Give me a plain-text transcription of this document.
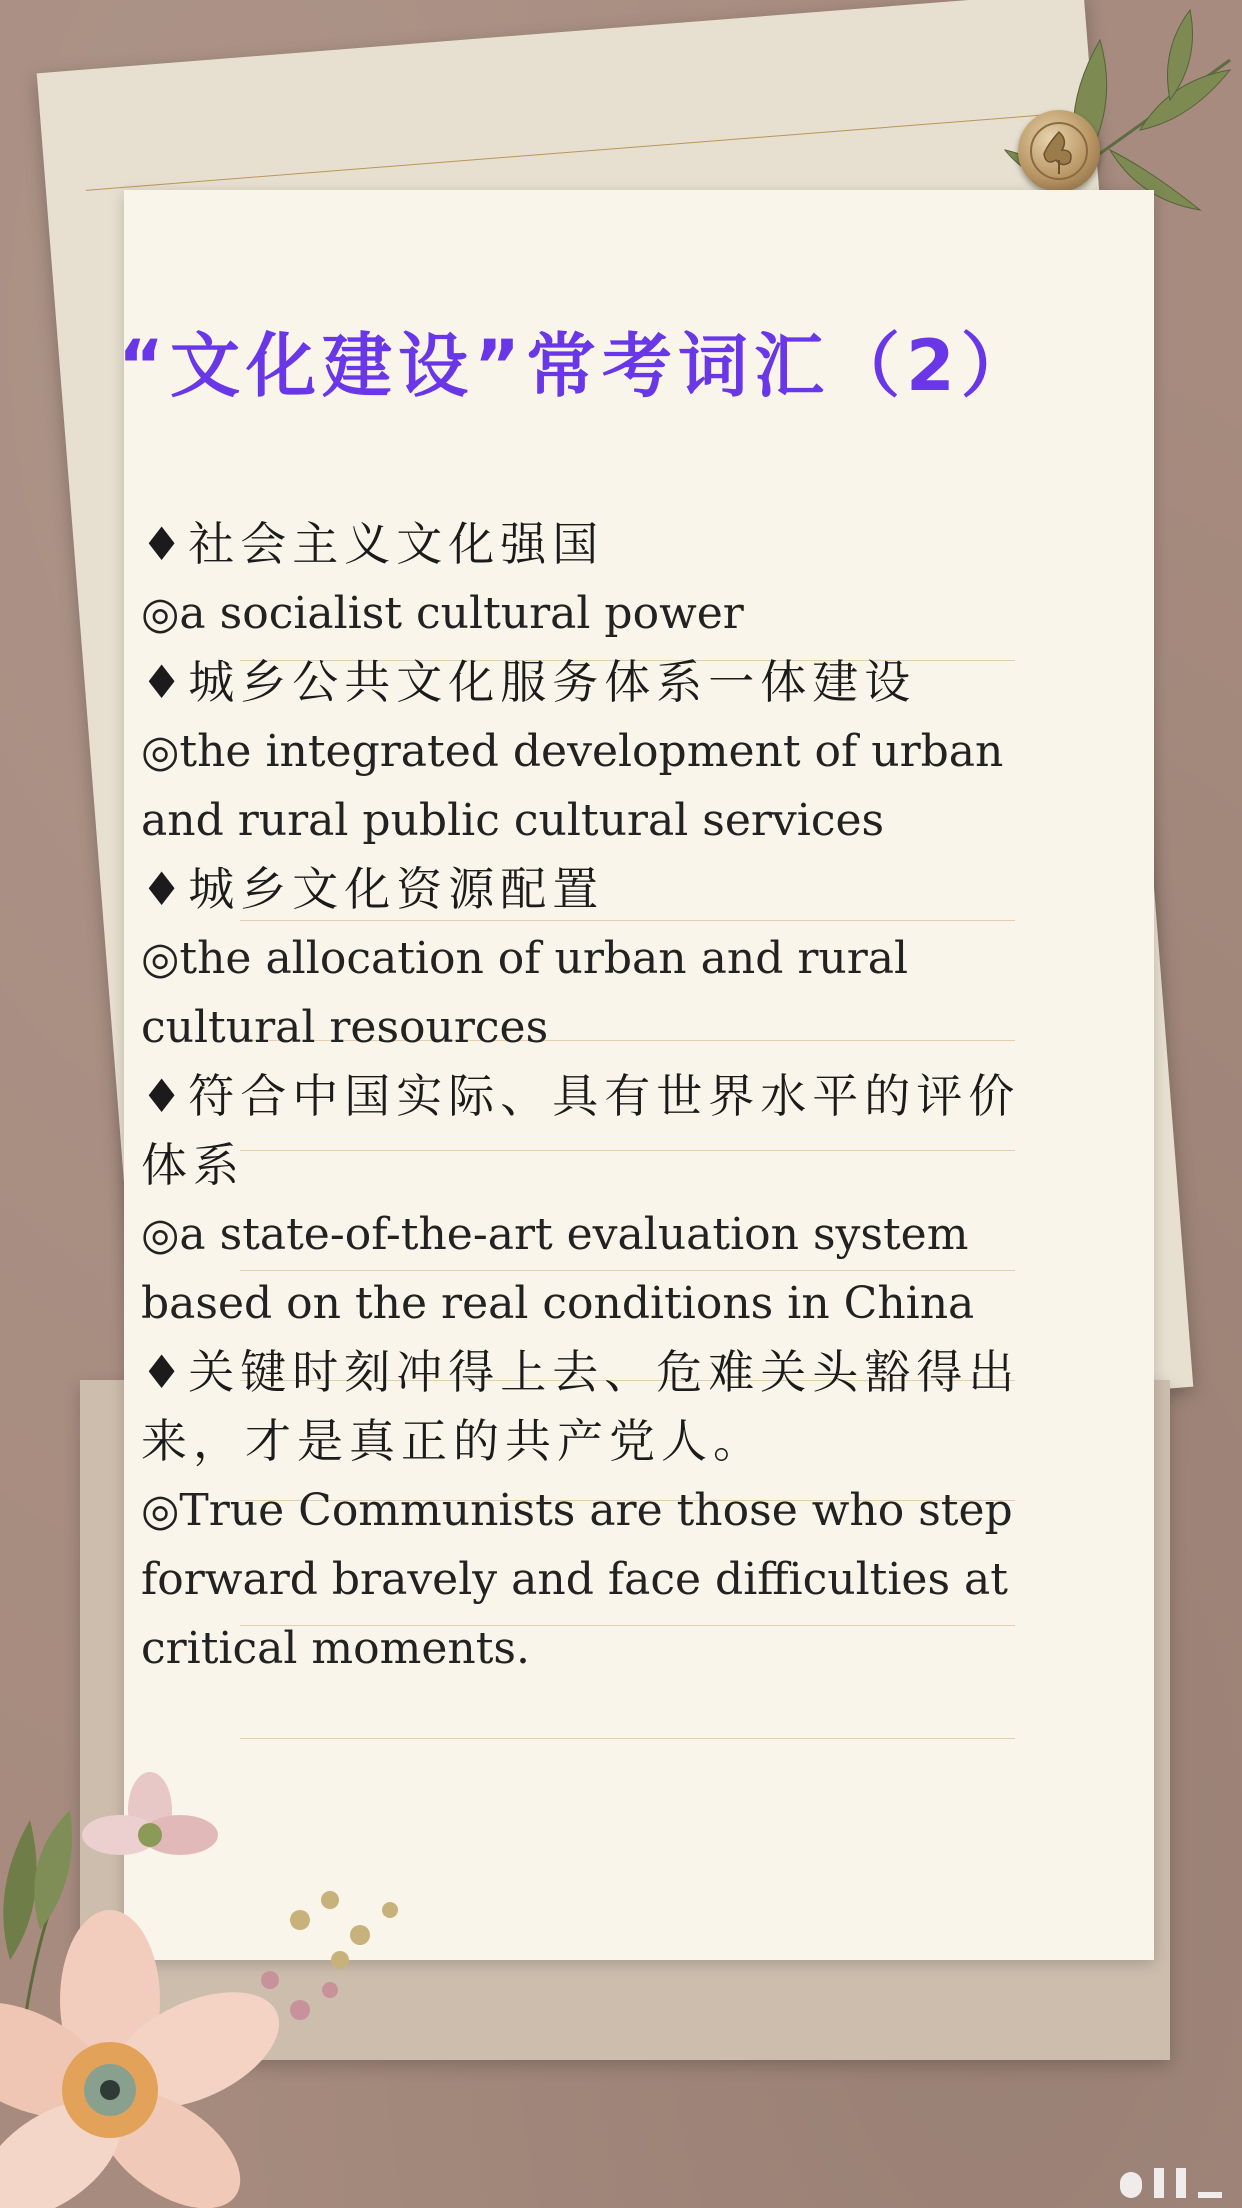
“文化建设”常考词汇（2）
♦社会主义文化强国
◎a socialist cultural power
♦城乡公共文化服务体系一体建设
◎the integrated development of urban
and rural public cultural services
♦城乡文化资源配置
◎the allocation of urban and rural
cultural resources
♦符合中国实际、具有世界水平的评价
体系
◎a state-of-the-art evaluation system
based on the real conditions in China
♦关键时刻冲得上去、危难关头豁得出
来，才是真正的共产党人。
◎True Communists are those who step
forward bravely and face difficulties at
critical moments.
